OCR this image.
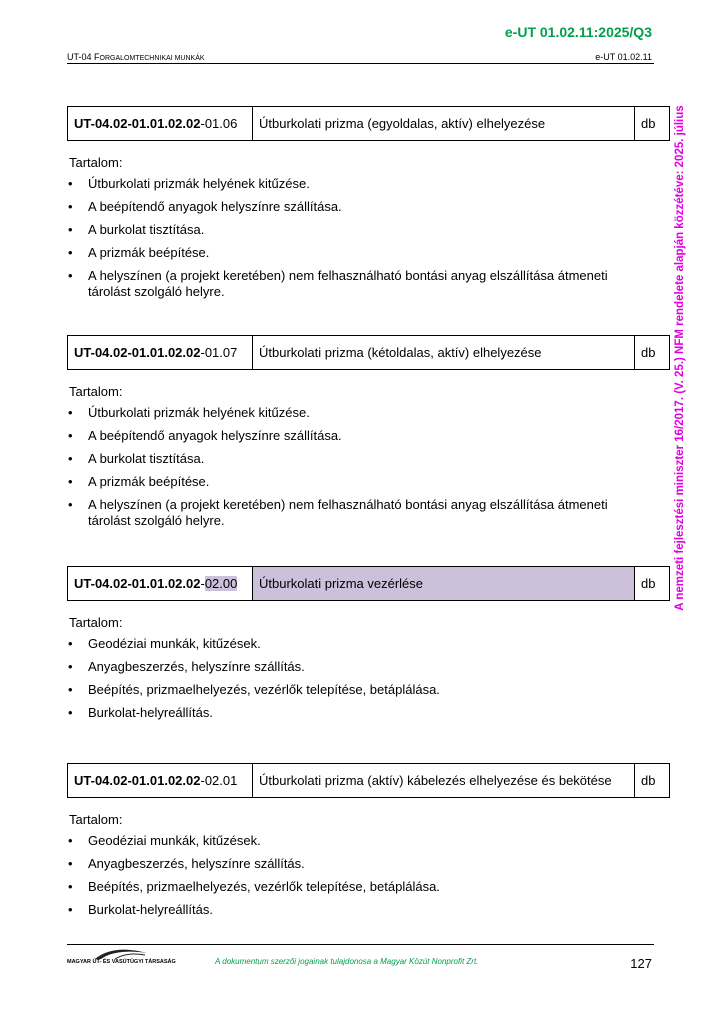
e-UT 01.02.11:2025/Q3
UT-04 FORGALOMTECHNIKAI MUNKÁK	e-UT 01.02.11
A nemzeti fejlesztési miniszter 16/2017. (V. 25.) NFM rendelete alapján közzétéve: 2025. július
UT-04.02-01.01.02.02-01.06	Útburkolati prizma (egyoldalas, aktív) elhelyezése	db
Tartalom:
• Útburkolati prizmák helyének kitűzése.
• A beépítendő anyagok helyszínre szállítása.
• A burkolat tisztítása.
• A prizmák beépítése.
• A helyszínen (a projekt keretében) nem felhasználható bontási anyag elszállítása átmeneti tárolást szolgáló helyre.
UT-04.02-01.01.02.02-01.07	Útburkolati prizma (kétoldalas, aktív) elhelyezése	db
Tartalom:
• Útburkolati prizmák helyének kitűzése.
• A beépítendő anyagok helyszínre szállítása.
• A burkolat tisztítása.
• A prizmák beépítése.
• A helyszínen (a projekt keretében) nem felhasználható bontási anyag elszállítása átmeneti tárolást szolgáló helyre.
UT-04.02-01.01.02.02-02.00	Útburkolati prizma vezérlése	db
Tartalom:
• Geodéziai munkák, kitűzések.
• Anyagbeszerzés, helyszínre szállítás.
• Beépítés, prizmaelhelyezés, vezérlők telepítése, betáplálása.
• Burkolat-helyreállítás.
UT-04.02-01.01.02.02-02.01	Útburkolati prizma (aktív) kábelezés elhelyezése és bekötése	db
Tartalom:
• Geodéziai munkák, kitűzések.
• Anyagbeszerzés, helyszínre szállítás.
• Beépítés, prizmaelhelyezés, vezérlők telepítése, betáplálása.
• Burkolat-helyreállítás.
MAGYAR ÚT- ÉS VASÚTÜGYI TÁRSASÁG	A dokumentum szerzői jogainak tulajdonosa a Magyar Közút Nonprofit Zrt.	127
